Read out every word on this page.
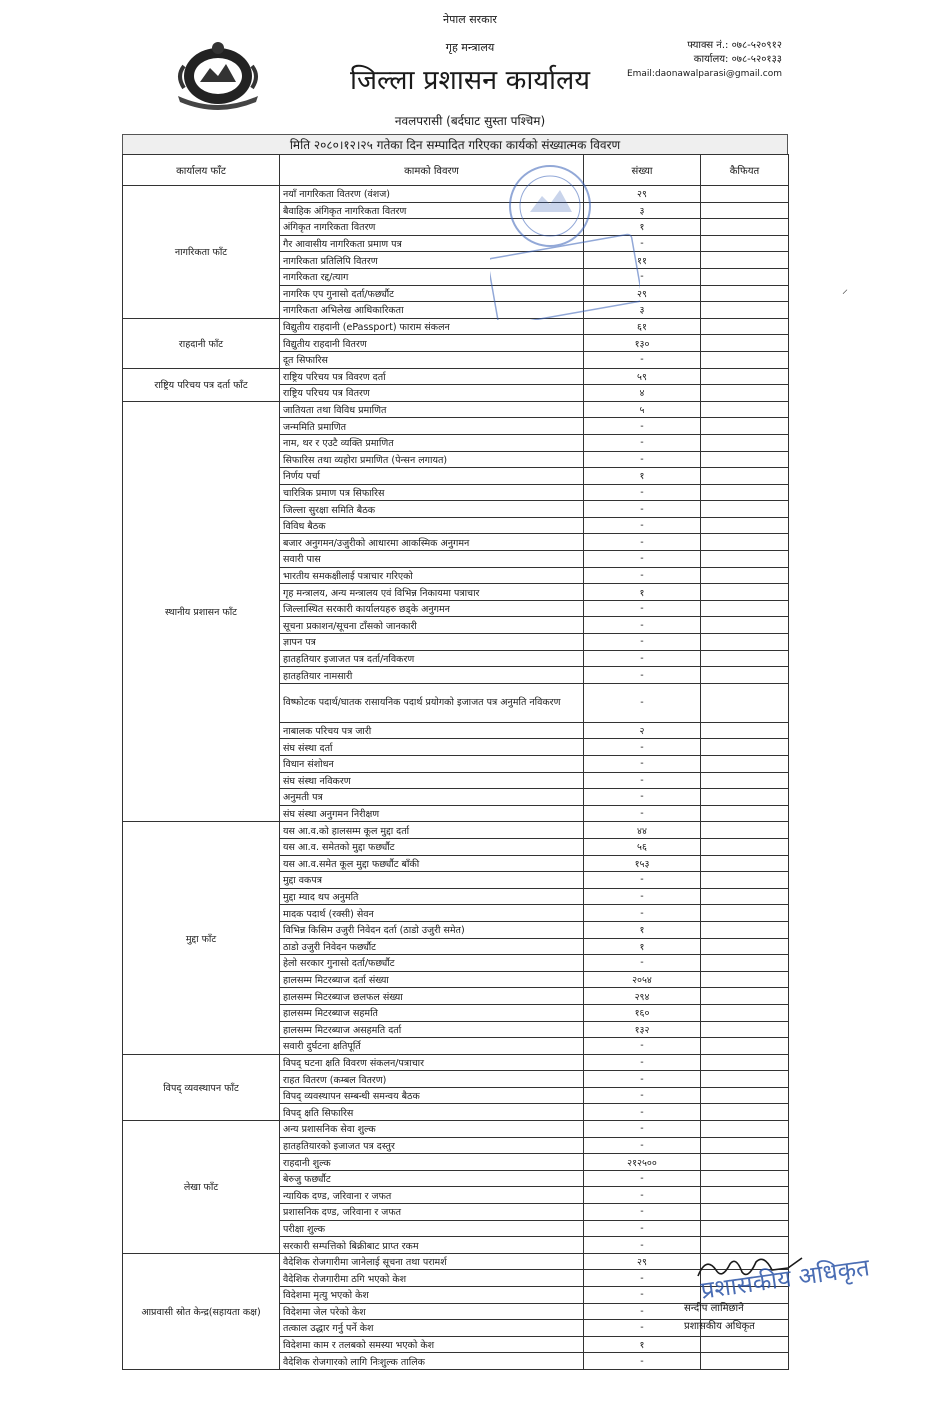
नेपाल सरकार
गृह मन्त्रालय
जिल्ला प्रशासन कार्यालय
नवलपरासी (बर्दघाट सुस्ता पश्चिम)
फ्याक्स नं.: ०७८-५२०९१२
कार्यालय: ०७८-५२०१३३
Email:daonawalparasi@gmail.com
मिति २०८०।१२।२५ गतेका दिन सम्पादित गरिएका कार्यको संख्यात्मक विवरण
कार्यालय फाँट	कामको विवरण	संख्या	कैफियत
नागरिकता फाँट	नयाँ नागरिकता वितरण (वंशज)	२९	
	बैवाहिक अंगिकृत नागरिकता वितरण	३	
	अंगिकृत नागरिकता वितरण	१	
	गैर आवासीय नागरिकता प्रमाण पत्र	-	
	नागरिकता प्रतिलिपि वितरण	११	
	नागरिकता रद्द/त्याग	-	
	नागरिक एप गुनासो दर्ता/फर्छ्यौट	२९	
	नागरिकता अभिलेख आधिकारिकता	३	
राहदानी फाँट	विद्युतीय राहदानी (ePassport) फाराम संकलन	६१	
	विद्युतीय राहदानी वितरण	१३०	
	दूत सिफारिस	-	
राष्ट्रिय परिचय पत्र दर्ता फाँट	राष्ट्रिय परिचय पत्र विवरण दर्ता	५९	
	राष्ट्रिय परिचय पत्र वितरण	४	
स्थानीय प्रशासन फाँट	जातियता तथा विविध प्रमाणित	५	
	जन्ममिति प्रमाणित	-	
	नाम, थर र एउटै व्यक्ति प्रमाणित	-	
	सिफारिस तथा व्यहोरा प्रमाणित (पेन्सन लगायत)	-	
	निर्णय पर्चा	१	
	चारित्रिक प्रमाण पत्र सिफारिस	-	
	जिल्ला सुरक्षा समिति बैठक	-	
	विविध बैठक	-	
	बजार अनुगमन/उजुरीको आधारमा आकस्मिक अनुगमन	-	
	सवारी पास	-	
	भारतीय समकक्षीलाई पत्राचार गरिएको	-	
	गृह मन्त्रालय, अन्य मन्त्रालय एवं विभिन्न निकायमा पत्राचार	१	
	जिल्लास्थित सरकारी कार्यालयहरु छड्के अनुगमन	-	
	सूचना प्रकाशन/सूचना टाँसको जानकारी	-	
	ज्ञापन पत्र	-	
	हातहतियार इजाजत पत्र दर्ता/नविकरण	-	
	हातहतियार नामसारी	-	
	विष्फोटक पदार्थ/घातक रासायनिक पदार्थ प्रयोगको इजाजत पत्र अनुमति नविकरण	-	
	नाबालक परिचय पत्र जारी	२	
	संघ संस्था दर्ता	-	
	विधान संशोधन	-	
	संघ संस्था नविकरण	-	
	अनुमती पत्र	-	
	संघ संस्था अनुगमन निरीक्षण	-	
मुद्दा फाँट	यस आ.व.को हालसम्म कूल मुद्दा दर्ता	४४	
	यस आ.व. समेतको मुद्दा फर्छ्यौट	५६	
	यस आ.व.समेत कूल मुद्दा फर्छ्यौट बाँकी	१५३	
	मुद्दा वकपत्र	-	
	मुद्दा म्याद थप अनुमति	-	
	मादक पदार्थ (रक्सी) सेवन	-	
	विभिन्न किसिम उजुरी निवेदन दर्ता (ठाडो उजुरी समेत)	१	
	ठाडो उजुरी निवेदन फर्छ्यौट	१	
	हेलो सरकार गुनासो दर्ता/फर्छ्यौट	-	
	हालसम्म मिटरब्याज दर्ता संख्या	२०५४	
	हालसम्म मिटरब्याज छलफल संख्या	२९४	
	हालसम्म मिटरब्याज सहमति	१६०	
	हालसम्म मिटरब्याज असहमति दर्ता	१३२	
	सवारी दुर्घटना क्षतिपूर्ति	-	
विपद् व्यवस्थापन फाँट	विपद् घटना क्षति विवरण संकलन/पत्राचार	-	
	राहत वितरण (कम्बल वितरण)	-	
	विपद् व्यवस्थापन सम्बन्धी समन्वय बैठक	-	
	विपद् क्षति सिफारिस	-	
लेखा फाँट	अन्य प्रशासनिक सेवा शुल्क	-	
	हातहतियारको इजाजत पत्र दस्तुर	-	
	राहदानी शुल्क	२१२५००	
	बेरुजु फर्छ्यौट	-	
	न्यायिक दण्ड, जरिवाना र जफत	-	
	प्रशासनिक दण्ड, जरिवाना र जफत	-	
	परीक्षा शुल्क	-	
	सरकारी सम्पत्तिको बिक्रीबाट प्राप्त रकम	-	
आप्रवासी स्रोत केन्द्र(सहायता कक्ष)	वैदेशिक रोजगारीमा जानेलाई सूचना तथा परामर्श	२९	
	वैदेशिक रोजगारीमा ठगि भएको केश	-	
	विदेशमा मृत्यु भएको केश	-	
	विदेशमा जेल परेको केश	-	
	तत्काल उद्धार गर्नु पर्ने केश	-	
	विदेशमा काम र तलबको समस्या भएको केश	१	
	वैदेशिक रोजगारको लागि निःशुल्क तालिक	-	
⸝
प्रशासकीय अधिकृत
सन्दीप लामिछाने
प्रशासकीय अधिकृत
